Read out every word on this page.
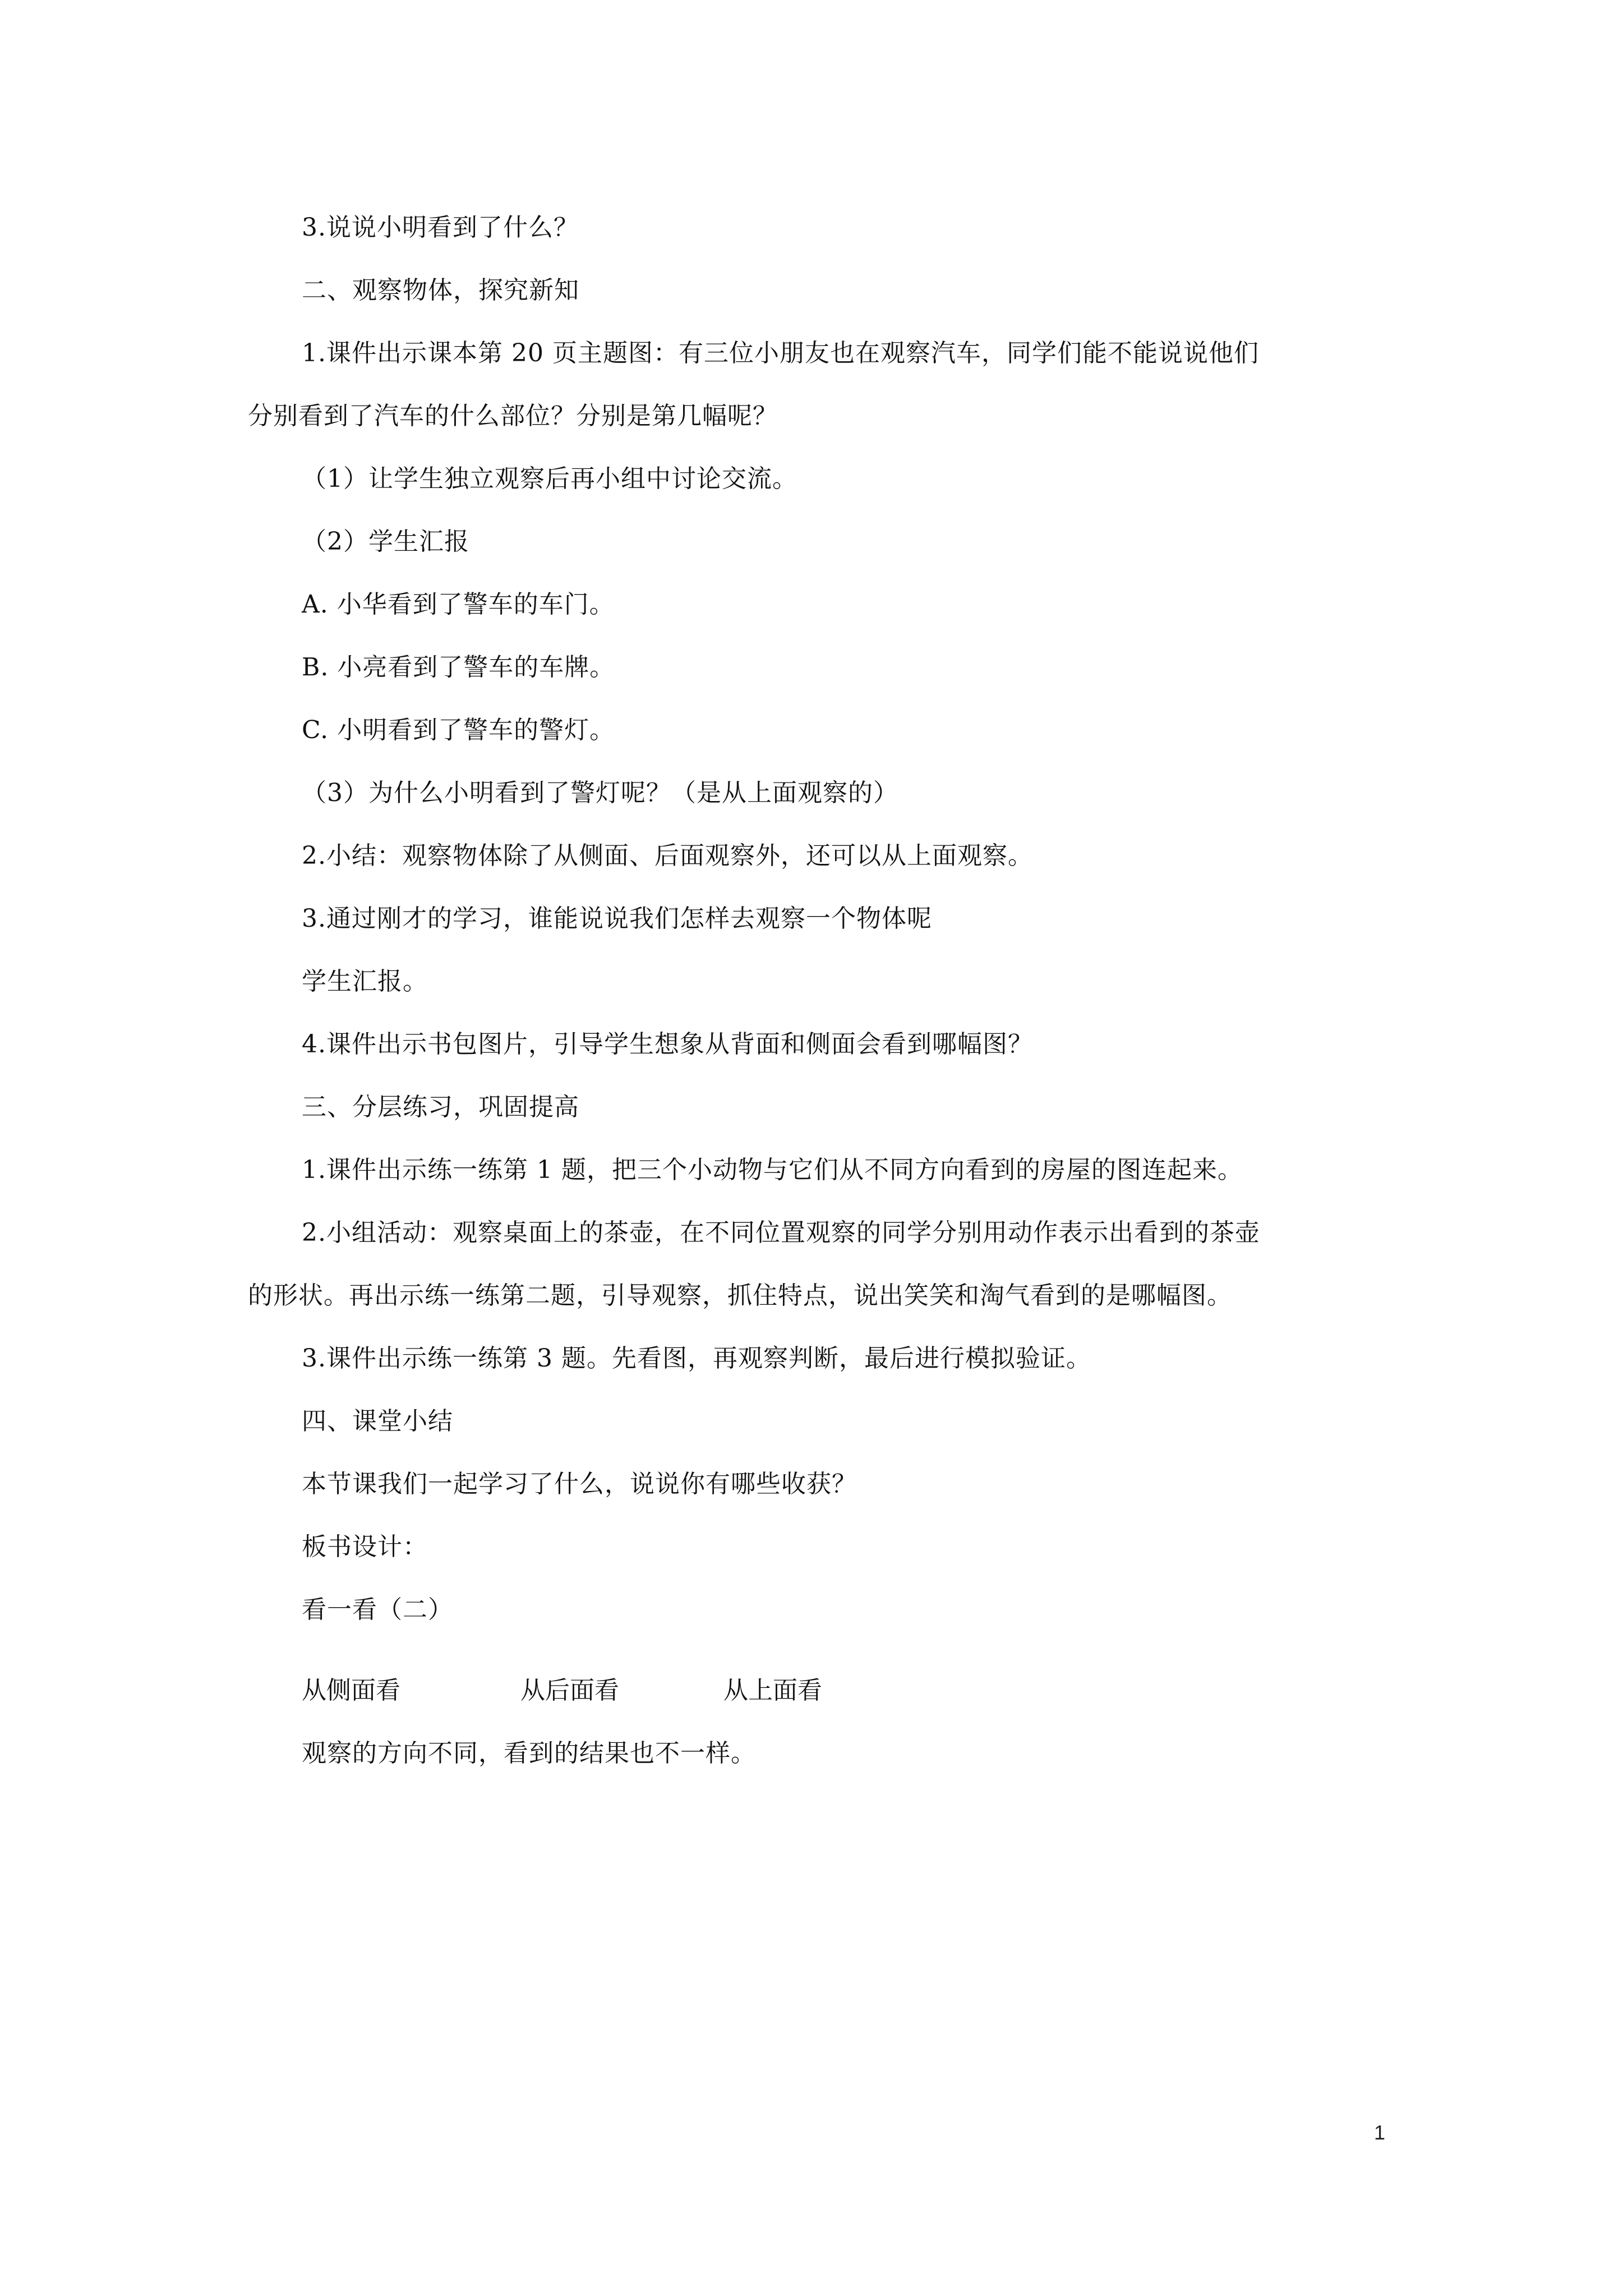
3.说说小明看到了什么？
二、观察物体，探究新知
1.课件出示课本第 20 页主题图：有三位小朋友也在观察汽车，同学们能不能说说他们
分别看到了汽车的什么部位？分别是第几幅呢？
（1）让学生独立观察后再小组中讨论交流。
（2）学生汇报
A. 小华看到了警车的车门。
B. 小亮看到了警车的车牌。
C. 小明看到了警车的警灯。
（3）为什么小明看到了警灯呢？（是从上面观察的）
2.小结：观察物体除了从侧面、后面观察外，还可以从上面观察。
3.通过刚才的学习，谁能说说我们怎样去观察一个物体呢
学生汇报。
4.课件出示书包图片，引导学生想象从背面和侧面会看到哪幅图？
三、分层练习，巩固提高
1.课件出示练一练第 1 题，把三个小动物与它们从不同方向看到的房屋的图连起来。
2.小组活动：观察桌面上的茶壶，在不同位置观察的同学分别用动作表示出看到的茶壶
的形状。再出示练一练第二题，引导观察，抓住特点，说出笑笑和淘气看到的是哪幅图。
3.课件出示练一练第 3 题。先看图，再观察判断，最后进行模拟验证。
四、课堂小结
本节课我们一起学习了什么，说说你有哪些收获？
板书设计：
看一看（二）
从侧面看	从后面看	从上面看
观察的方向不同，看到的结果也不一样。
1
